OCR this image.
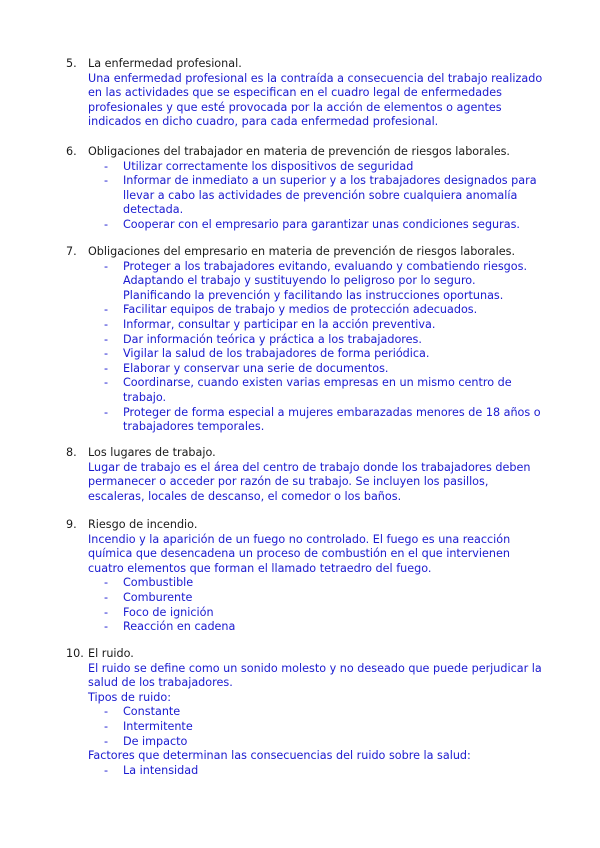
5.	La enfermedad profesional.

Una enfermedad profesional es la contraída a consecuencia del trabajo realizado en las actividades que se especifican en el cuadro legal de enfermedades profesionales y que esté provocada por la acción de elementos o agentes indicados en dicho cuadro, para cada enfermedad profesional.

6.	Obligaciones del trabajador en materia de prevención de riesgos laborales.
- Utilizar correctamente los dispositivos de seguridad
- Informar de inmediato a un superior y a los trabajadores designados para llevar a cabo las actividades de prevención sobre cualquiera anomalía detectada.
- Cooperar con el empresario para garantizar unas condiciones seguras.
7.	Obligaciones del empresario en materia de prevención de riesgos laborales.
- Proteger a los trabajadores evitando, evaluando y combatiendo riesgos. Adaptando el trabajo y sustituyendo lo peligroso por lo seguro. Planificando la prevención y facilitando las instrucciones oportunas.
- Facilitar equipos de trabajo y medios de protección adecuados.
- Informar, consultar y participar en la acción preventiva.
- Dar información teórica y práctica a los trabajadores.
- Vigilar la salud de los trabajadores de forma periódica.
- Elaborar y conservar una serie de documentos.
- Coordinarse, cuando existen varias empresas en un mismo centro de trabajo.
- Proteger de forma especial a mujeres embarazadas menores de 18 años o trabajadores temporales.
8.	Los lugares de trabajo.

Lugar de trabajo es el área del centro de trabajo donde los trabajadores deben permanecer o acceder por razón de su trabajo. Se incluyen los pasillos, escaleras, locales de descanso, el comedor o los baños.

9.	Riesgo de incendio.

Incendio y la aparición de un fuego no controlado. El fuego es una reacción química que desencadena un proceso de combustión en el que intervienen cuatro elementos que forman el llamado tetraedro del fuego.

- Combustible
- Comburente
- Foco de ignición
- Reacción en cadena
10. El ruido.

El ruido se define como un sonido molesto y no deseado que puede perjudicar la salud de los trabajadores.

Tipos de ruido:
- Constante
- Intermitente
- De impacto
Factores que determinan las consecuencias del ruido sobre la salud:
- La intensidad
